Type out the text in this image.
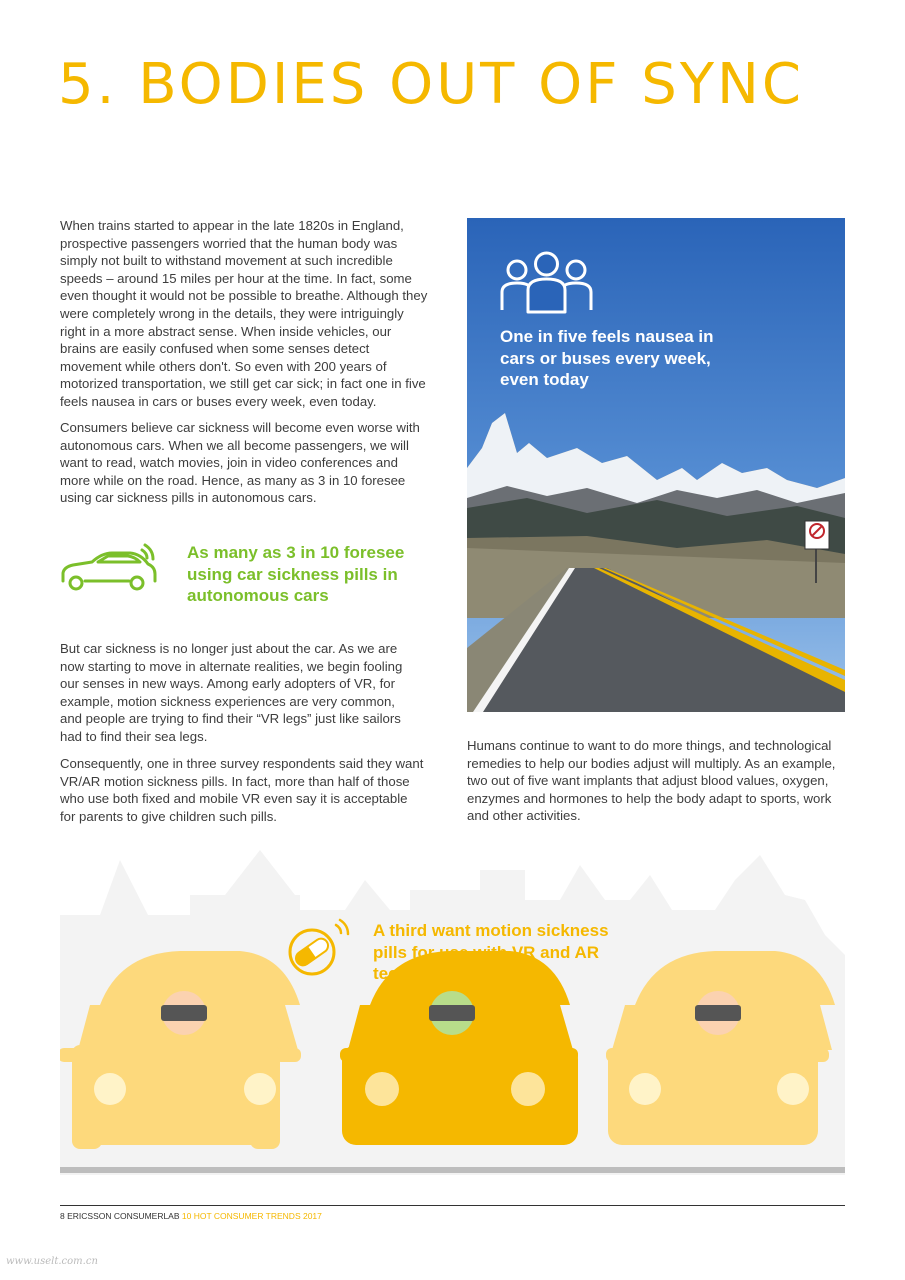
5. BODIES OUT OF SYNC

When trains started to appear in the late 1820s in England, prospective passengers worried that the human body was simply not built to withstand movement at such incredible speeds – around 15 miles per hour at the time. In fact, some even thought it would not be possible to breathe. Although they were completely wrong in the details, they were intriguingly right in a more abstract sense. When inside vehicles, our brains are easily confused when some senses detect movement while others don't. So even with 200 years of motorized transportation, we still get car sick; in fact one in five feels nausea in cars or buses every week, even today.

Consumers believe car sickness will become even worse with autonomous cars. When we all become passengers, we will want to read, watch movies, join in video conferences and more while on the road. Hence, as many as 3 in 10 foresee using car sickness pills in autonomous cars.

As many as 3 in 10 foresee using car sickness pills in autonomous cars

But car sickness is no longer just about the car. As we are now starting to move in alternate realities, we begin fooling our senses in new ways. Among early adopters of VR, for example, motion sickness experiences are very common, and people are trying to find their “VR legs” just like sailors had to find their sea legs.

Consequently, one in three survey respondents said they want VR/AR motion sickness pills. In fact, more than half of those who use both fixed and mobile VR even say it is acceptable for parents to give children such pills.

One in five feels nausea in cars or buses every week, even today

Humans continue to want to do more things, and technological remedies to help our bodies adjust will multiply. As an example, two out of five want implants that adjust blood values, oxygen, enzymes and hormones to help the body adapt to sports, work and other activities.

A third want motion sickness pills for use with VR and AR technology
8 ERICSSON CONSUMERLAB 10 HOT CONSUMER TRENDS 2017
www.uselt.com.cn
